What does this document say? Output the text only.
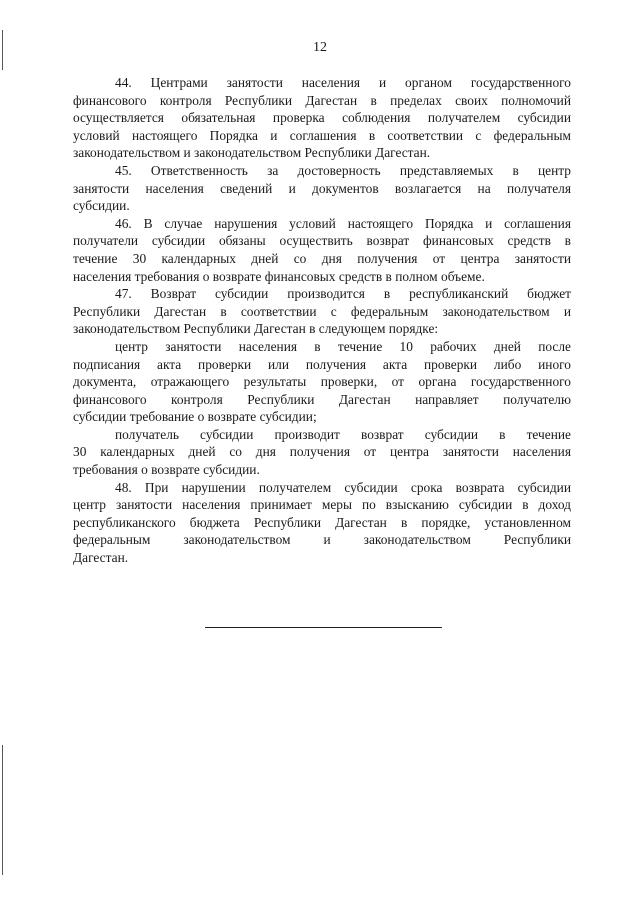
12
44. Центрами занятости населения и органом государственного
финансового контроля Республики Дагестан в пределах своих полномочий
осуществляется обязательная проверка соблюдения получателем субсидии
условий настоящего Порядка и соглашения в соответствии с федеральным
законодательством и законодательством Республики Дагестан.
45. Ответственность за достоверность представляемых в центр
занятости населения сведений и документов возлагается на получателя
субсидии.
46. В случае нарушения условий настоящего Порядка и соглашения
получатели субсидии обязаны осуществить возврат финансовых средств в
течение 30 календарных дней со дня получения от центра занятости
населения требования о возврате финансовых средств в полном объеме.
47. Возврат субсидии производится в республиканский бюджет
Республики Дагестан в соответствии с федеральным законодательством и
законодательством Республики Дагестан в следующем порядке:
центр занятости населения в течение 10 рабочих дней после
подписания акта проверки или получения акта проверки либо иного
документа, отражающего результаты проверки, от органа государственного
финансового контроля Республики Дагестан направляет получателю
субсидии требование о возврате субсидии;
получатель субсидии производит возврат субсидии в течение
30 календарных дней со дня получения от центра занятости населения
требования о возврате субсидии.
48. При нарушении получателем субсидии срока возврата субсидии
центр занятости населения принимает меры по взысканию субсидии в доход
республиканского бюджета Республики Дагестан в порядке, установленном
федеральным законодательством и законодательством Республики
Дагестан.
